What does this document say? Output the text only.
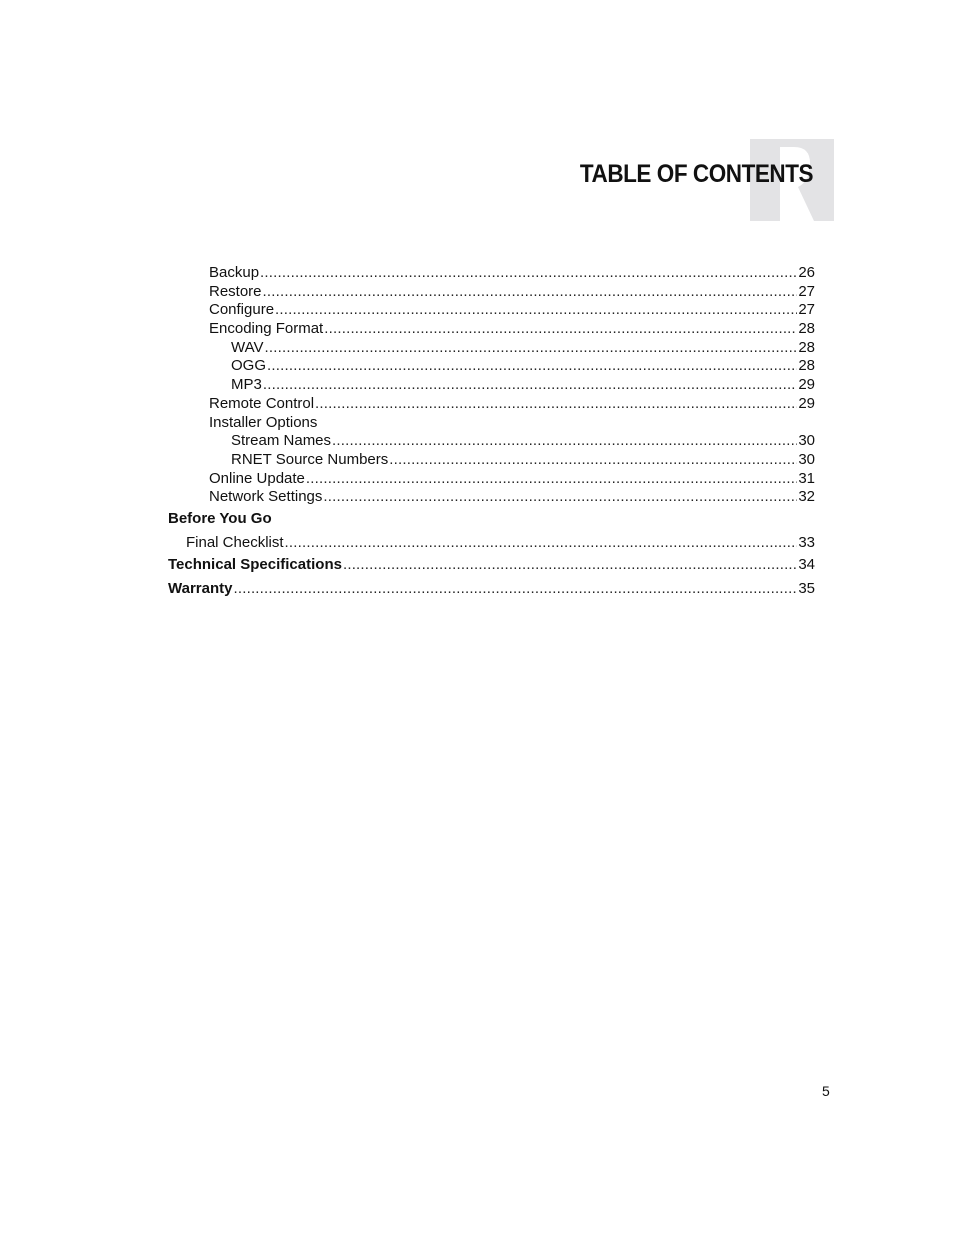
TABLE OF CONTENTS
Backup .....	26
Restore .....	27
Configure .....	27
Encoding Format .....	28
WAV .....	28
OGG .....	28
MP3 .....	29
Remote Control .....	29
Installer Options
Stream Names .....	30
RNET Source Numbers .....	30
Online Update .....	31
Network Settings .....	32
Before You Go
Final Checklist .....	33
Technical Specifications .....	34
Warranty .....	35
5
